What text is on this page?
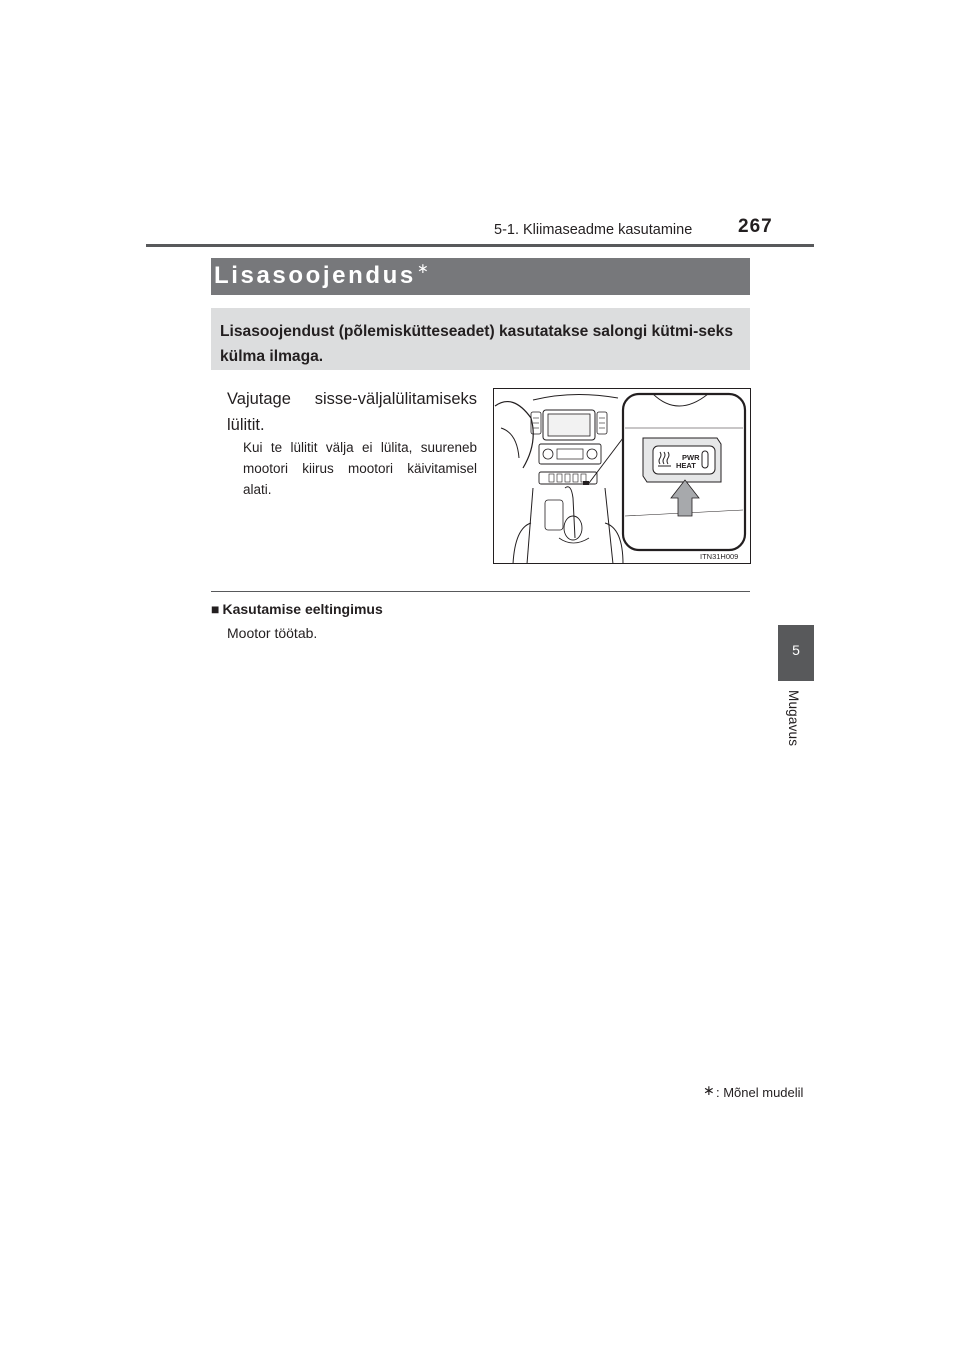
5-1. Kliimaseadme kasutamine 267
5
Mugavus
Lisasoojendus ∗
Lisasoojendust (põlemiskütteseadet) kasutatakse salongi kütmi-seks külma ilmaga.
Vajutage sisse-väljalülitamiseks lülitit.
Kui te lülitit välja ei lülita, suureneb mootori kiirus mootori käivitamisel alati.
PWR
HEAT
ITN31H009
■ Kasutamise eeltingimus
Mootor töötab.
∗ : Mõnel mudelil
